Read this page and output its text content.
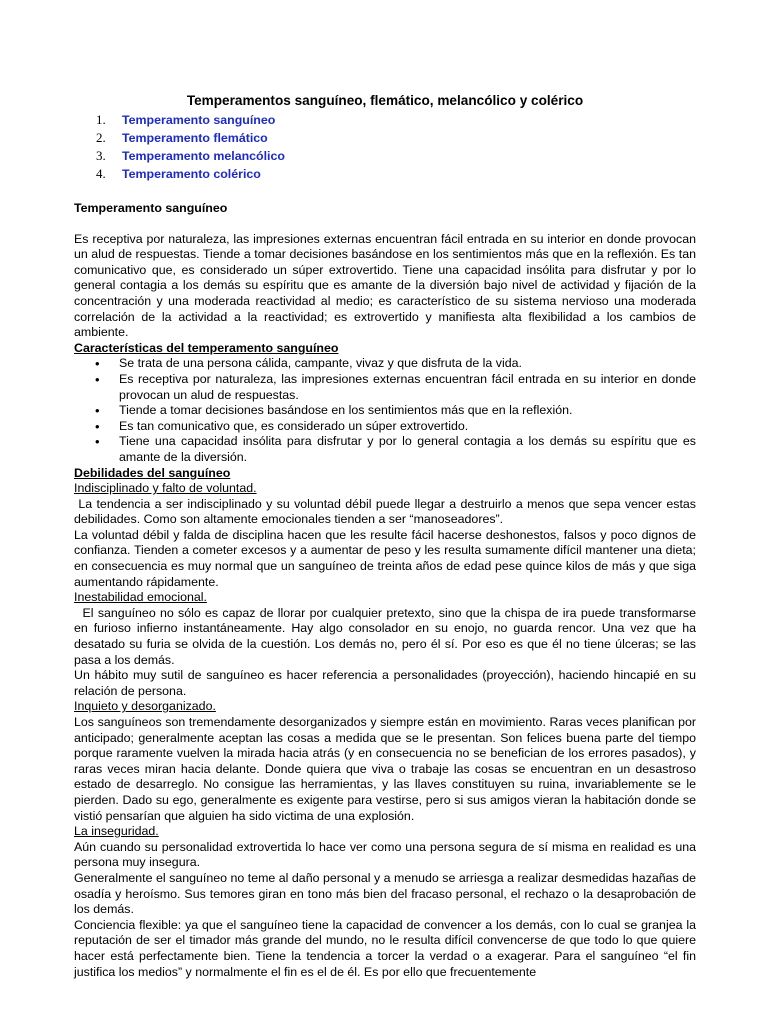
Temperamentos sanguíneo, flemático, melancólico y colérico
1.	Temperamento sanguíneo
2.	Temperamento flemático
3.	Temperamento melancólico
4.	Temperamento colérico
Temperamento sanguíneo

Es receptiva por naturaleza, las impresiones externas encuentran fácil entrada en su interior en donde provocan un alud de respuestas. Tiende a tomar decisiones basándose en los sentimientos más que en la reflexión. Es tan comunicativo que, es considerado un súper extrovertido. Tiene una capacidad insólita para disfrutar y por lo general contagia a los demás su espíritu que es amante de la diversión bajo nivel de actividad y fijación de la concentración y una moderada reactividad al medio; es característico de su sistema nervioso una moderada correlación de la actividad a la reactividad; es extrovertido y manifiesta alta flexibilidad a los cambios de ambiente.

Características del temperamento sanguíneo
• Se trata de una persona cálida, campante, vivaz y que disfruta de la vida.
• Es receptiva por naturaleza, las impresiones externas encuentran fácil entrada en su interior en donde provocan un alud de respuestas.
• Tiende a tomar decisiones basándose en los sentimientos más que en la reflexión.
• Es tan comunicativo que, es considerado un súper extrovertido.
• Tiene una capacidad insólita para disfrutar y por lo general contagia a los demás su espíritu que es amante de la diversión.
Debilidades del sanguíneo
Indisciplinado y falto de voluntad.

La tendencia a ser indisciplinado y su voluntad débil puede llegar a destruirlo a menos que sepa vencer estas debilidades. Como son altamente emocionales tienden a ser “manoseadores”.

La voluntad débil y falda de disciplina hacen que les resulte fácil hacerse deshonestos, falsos y poco dignos de confianza. Tienden a cometer excesos y a aumentar de peso y les resulta sumamente difícil mantener una dieta; en consecuencia es muy normal que un sanguíneo de treinta años de edad pese quince kilos de más y que siga aumentando rápidamente.

Inestabilidad emocional.

El sanguíneo no sólo es capaz de llorar por cualquier pretexto, sino que la chispa de ira puede transformarse en furioso infierno instantáneamente. Hay algo consolador en su enojo, no guarda rencor. Una vez que ha desatado su furia se olvida de la cuestión. Los demás no, pero él sí. Por eso es que él no tiene úlceras; se las pasa a los demás.

Un hábito muy sutil de sanguíneo es hacer referencia a personalidades (proyección), haciendo hincapié en su relación de persona.

Inquieto y desorganizado.

Los sanguíneos son tremendamente desorganizados y siempre están en movimiento. Raras veces planifican por anticipado; generalmente aceptan las cosas a medida que se le presentan. Son felices buena parte del tiempo porque raramente vuelven la mirada hacia atrás (y en consecuencia no se benefician de los errores pasados), y raras veces miran hacia delante. Donde quiera que viva o trabaje las cosas se encuentran en un desastroso estado de desarreglo. No consigue las herramientas, y las llaves constituyen su ruina, invariablemente se le pierden. Dado su ego, generalmente es exigente para vestirse, pero si sus amigos vieran la habitación donde se vistió pensarían que alguien ha sido victima de una explosión.

La inseguridad.

Aún cuando su personalidad extrovertida lo hace ver como una persona segura de sí misma en realidad es una persona muy insegura.

Generalmente el sanguíneo no teme al daño personal y a menudo se arriesga a realizar desmedidas hazañas de osadía y heroísmo. Sus temores giran en tono más bien del fracaso personal, el rechazo o la desaprobación de los demás.

Conciencia flexible: ya que el sanguíneo tiene la capacidad de convencer a los demás, con lo cual se granjea la reputación de ser el timador más grande del mundo, no le resulta difícil convencerse de que todo lo que quiere hacer está perfectamente bien. Tiene la tendencia a torcer la verdad o a exagerar. Para el sanguíneo “el fin justifica los medios” y normalmente el fin es el de él. Es por ello que frecuentemente
